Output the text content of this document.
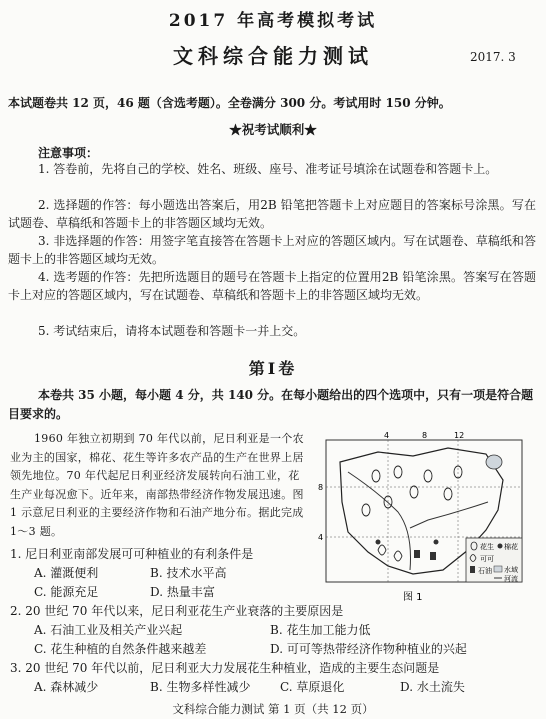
2017 年高考模拟考试
文科综合能力测试	2017. 3
本试题卷共 12 页，46 题（含选考题）。全卷满分 300 分。考试用时 150 分钟。
★祝考试顺利★
注意事项：
1. 答卷前，先将自己的学校、姓名、班级、座号、准考证号填涂在试题卷和答题卡上。
2. 选择题的作答：每小题选出答案后，用2B 铅笔把答题卡上对应题目的答案标号涂黑。写在试题卷、草稿纸和答题卡上的非答题区域均无效。
3. 非选择题的作答：用签字笔直接答在答题卡上对应的答题区域内。写在试题卷、草稿纸和答题卡上的非答题区域均无效。
4. 选考题的作答：先把所选题目的题号在答题卡上指定的位置用2B 铅笔涂黑。答案写在答题卡上对应的答题区域内，写在试题卷、草稿纸和答题卡上的非答题区域均无效。
5. 考试结束后，请将本试题卷和答题卡一并上交。
第Ⅰ卷
本卷共 35 小题，每小题 4 分，共 140 分。在每小题给出的四个选项中，只有一项是符合题目要求的。
1960 年独立初期到 70 年代以前，尼日利亚是一个农业为主的国家，棉花、花生等许多农产品的生产在世界上居领先地位。70 年代起尼日利亚经济发展转向石油工业，花生产业每况愈下。近年来，南部热带经济作物发展迅速。图 1 示意尼日利亚的主要经济作物和石油产地分布。据此完成 1～3 题。
4	8	12
8
4
花生 棉花
可可
石油 水域
河流
图 1
1. 尼日利亚南部发展可可种植业的有利条件是
A. 灌溉便利	B. 技术水平高
C. 能源充足	D. 热量丰富
2. 20 世纪 70 年代以来，尼日利亚花生产业衰落的主要原因是
A. 石油工业及相关产业兴起	B. 花生加工能力低
C. 花生种植的自然条件越来越差	D. 可可等热带经济作物种植业的兴起
3. 20 世纪 70 年代以前，尼日利亚大力发展花生种植业，造成的主要生态问题是
A. 森林减少	B. 生物多样性减少 C. 草原退化	D. 水土流失
文科综合能力测试 第 1 页（共 12 页）
